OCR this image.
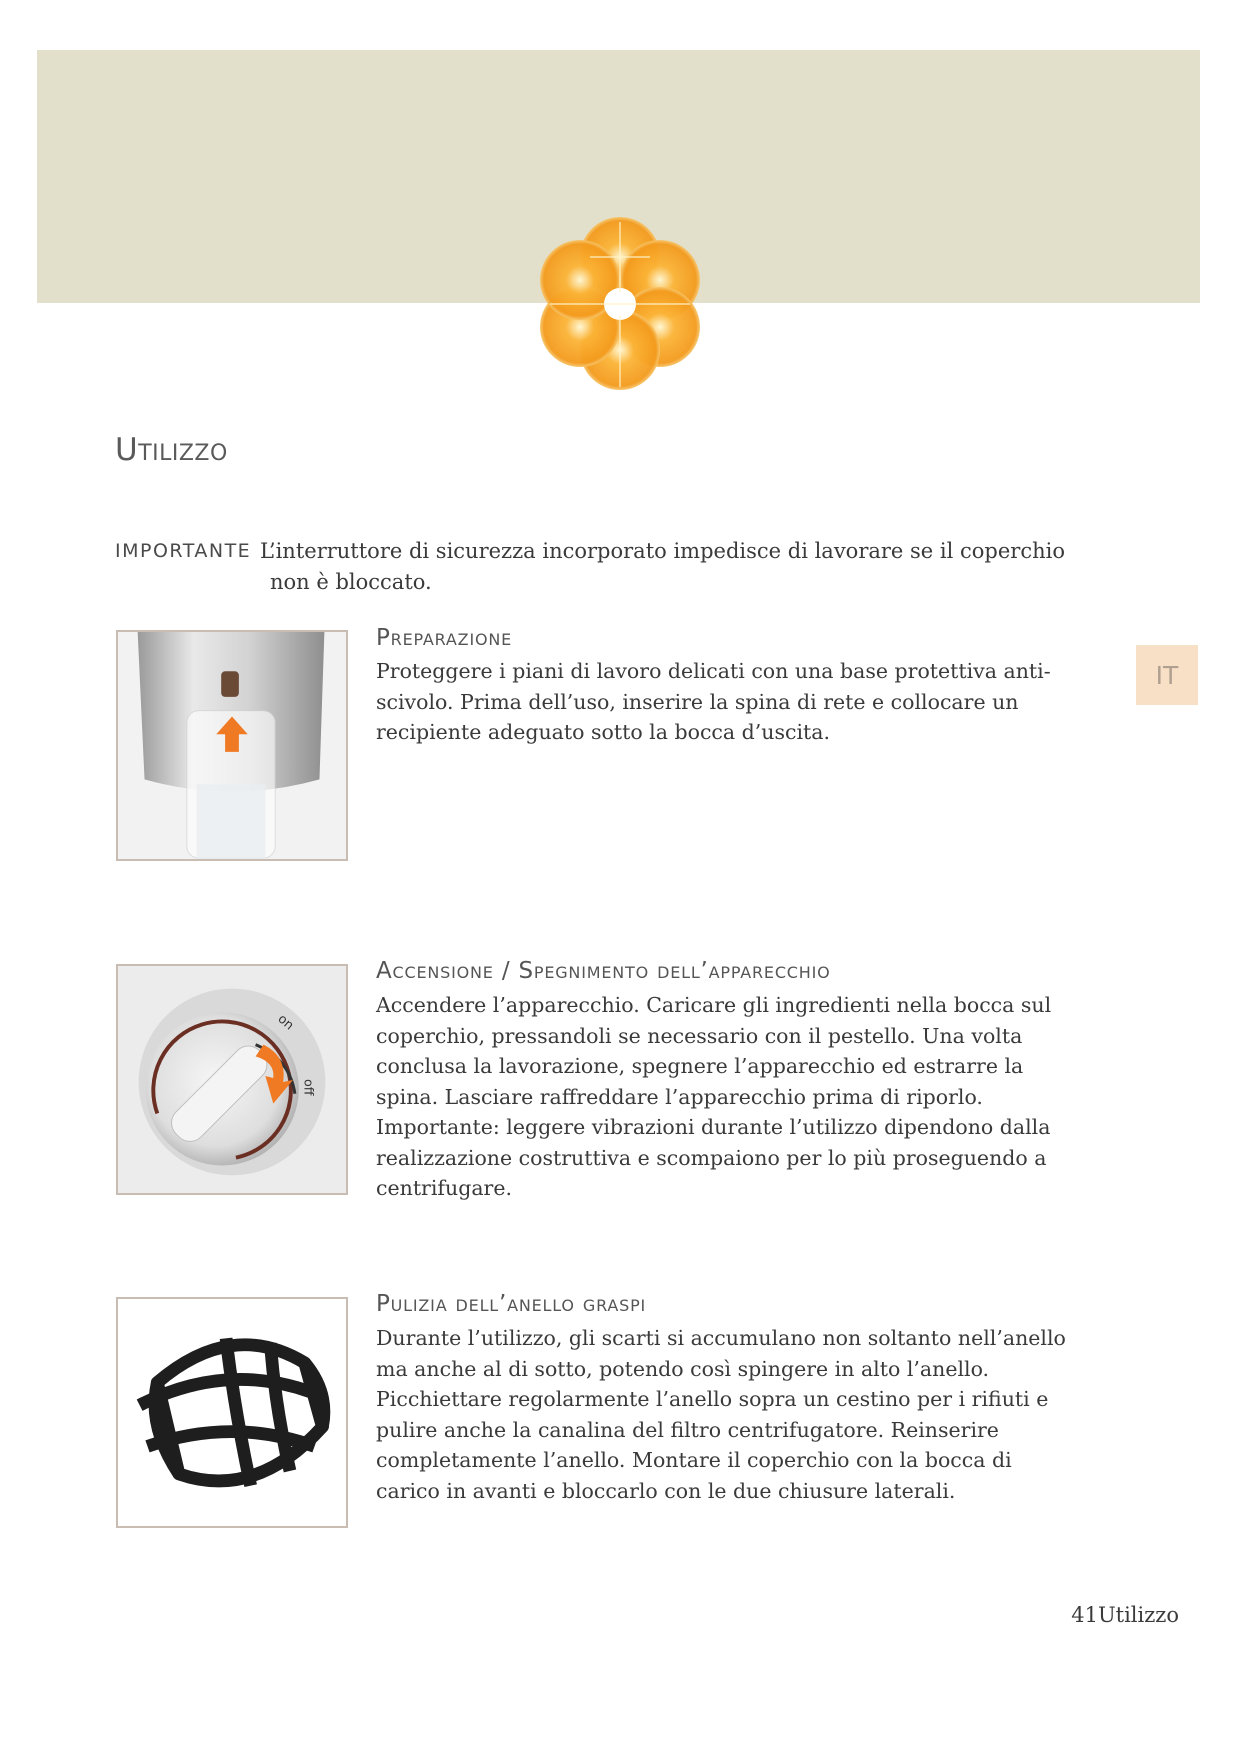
Utilizzo
IMPORTANTE L’interruttore di sicurezza incorporato impedisce di lavorare se il coperchio non è bloccato.
IT
Preparazione

Proteggere i piani di lavoro delicati con una base protettiva anti-scivolo. Prima dell’uso, inserire la spina di rete e collocare un recipiente adeguato sotto la bocca d’uscita.

on
off
Accensione / Spegnimento dell’apparecchio

Accendere l’apparecchio. Caricare gli ingredienti nella bocca sul coperchio, pressandoli se necessario con il pestello. Una volta conclusa la lavorazione, spegnere l’apparecchio ed estrarre la spina. Lasciare raffreddare l’apparecchio prima di riporlo. Importante: leggere vibrazioni durante l’utilizzo dipendono dalla realizzazione costruttiva e scompaiono per lo più proseguendo a centrifugare.

Pulizia dell’anello graspi

Durante l’utilizzo, gli scarti si accumulano non soltanto nell’anello ma anche al di sotto, potendo così spingere in alto l’anello. Picchiettare regolarmente l’anello sopra un cestino per i rifiuti e pulire anche la canalina del filtro centrifugatore. Reinserire completamente l’anello. Montare il coperchio con la bocca di carico in avanti e bloccarlo con le due chiusure laterali.

41Utilizzo
